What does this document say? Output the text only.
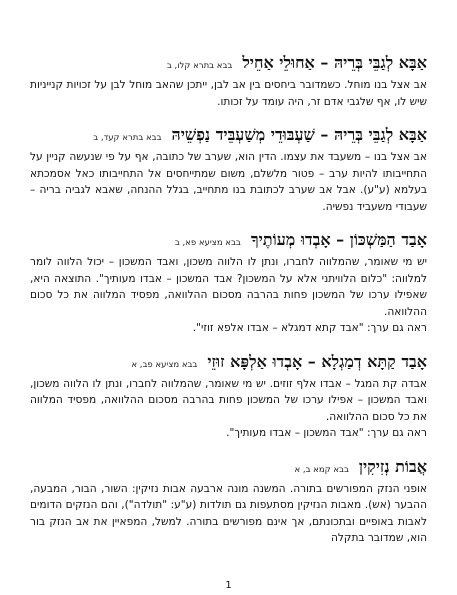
אַבָּא לְגַבֵּי בְּרֵיהּ – אַחוּלֵי אַחֵיל
בבא בתרא קלו, ב

אב אצל בנו מוחל. כשמדובר ביחסים בין אב לבן, ייתכן שהאב מוחל לבן על זכויות קנייניות שיש לו, אף שלגבי אדם זר, היה עומד על זכותו.

אַבָּא לְגַבֵּי בְּרֵיהּ – שַׁעְבּוּדֵי מְשַׁעְבֵּיד נַפְשֵׁיהּ
בבא בתרא קעד, ב

אב אצל בנו – משעבד את עצמו. הדין הוא, שערב של כתובה, אף על פי שנעשה קניין על התחייבותו להיות ערב – פטור מלשלם, משום שמתייחסים אל התחייבותו כאל אסמכתא בעלמא (ע"ע). אבל אב שערב לכתובת בנו מתחייב, בגלל ההנחה, שאבא לגביה בריה – שעבודי משעביד נפשיה.

אָבַד הַמַּשְׁכּוֹן – אָבְדוּ מְעוֹתֶיךָ
בבא מציעא פא, ב

יש מי שאומר, שהמלווה לחברו, ונתן לו הלווה משכון, ואבד המשכון – יכול הלווה לומר למלווה: "כלום הלוויתני אלא על המשכון? אבד המשכון – אבדו מעותיך". התוצאה היא, שאפילו ערכו של המשכון פחות בהרבה מסכום ההלוואה, מפסיד המלווה את כל סכום ההלוואה.

ראה גם ערך: "אבד קתא דמגלא – אבדו אלפא זוזי".

אָבַד קַתָּא דְמַגְלָא – אָבְדוּ אַלְפָּא זוּזֵי
בבא מציעא פב, א

אבדה קת המגל – אבדו אלף זוזים. יש מי שאומר, שהמלווה לחברו, ונתן לו הלווה משכון, ואבד המשכון – אפילו ערכו של המשכון פחות בהרבה מסכום ההלוואה, מפסיד המלווה את כל סכום ההלוואה.

ראה גם ערך: "אבד המשכון – אבדו מעותיך".

אֲבוֹת נְזִיקִין
בבא קמא ב, א

אופני הנזק המפורשים בתורה. המשנה מונה ארבעה אבות נזיקין: השור, הבור, המבעה, ההבער (אש). מאבות הנזיקין מסתעפות גם תולדות (ע"ע: "תולדה"), והם הנזקים הדומים לאבות באופיים ובתכונתם, אך אינם מפורשים בתורה. למשל, המפאיין את אב הנזק בור הוא, שמדובר בתקלה

1
